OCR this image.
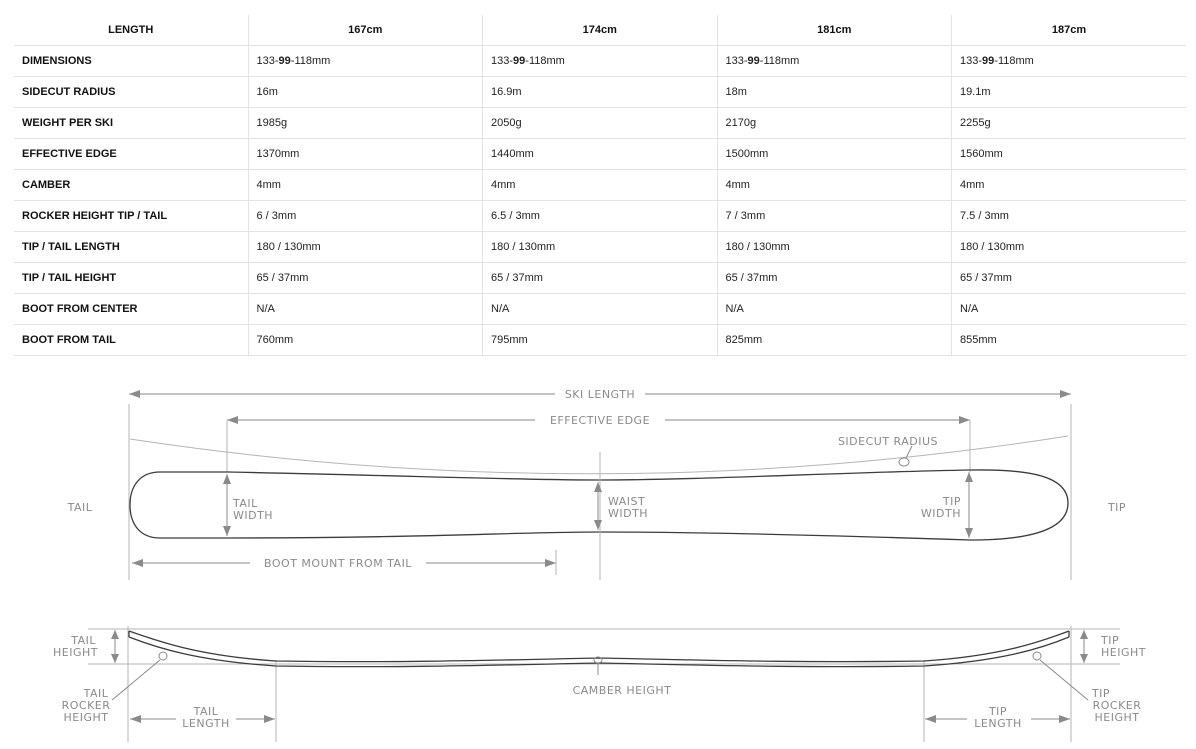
LENGTH	167cm	174cm	181cm	187cm
DIMENSIONS	133-99-118mm	133-99-118mm	133-99-118mm	133-99-118mm
SIDECUT RADIUS	16m	16.9m	18m	19.1m
WEIGHT PER SKI	1985g	2050g	2170g	2255g
EFFECTIVE EDGE	1370mm	1440mm	1500mm	1560mm
CAMBER	4mm	4mm	4mm	4mm
ROCKER HEIGHT TIP / TAIL	6 / 3mm	6.5 / 3mm	7 / 3mm	7.5 / 3mm
TIP / TAIL LENGTH	180 / 130mm	180 / 130mm	180 / 130mm	180 / 130mm
TIP / TAIL HEIGHT	65 / 37mm	65 / 37mm	65 / 37mm	65 / 37mm
BOOT FROM CENTER	N/A	N/A	N/A	N/A
BOOT FROM TAIL	760mm	795mm	825mm	855mm
SKI LENGTH
EFFECTIVE EDGE
SIDECUT RADIUS
TAIL	TIP
TAIL
WIDTH
WAIST
WIDTH
TIP
WIDTH
BOOT MOUNT FROM TAIL
TAIL
HEIGHT
TAIL
ROCKER
HEIGHT	TAIL
LENGTH
CAMBER HEIGHT
TIP
LENGTH
TIP
HEIGHT
TIP
ROCKER
HEIGHT
